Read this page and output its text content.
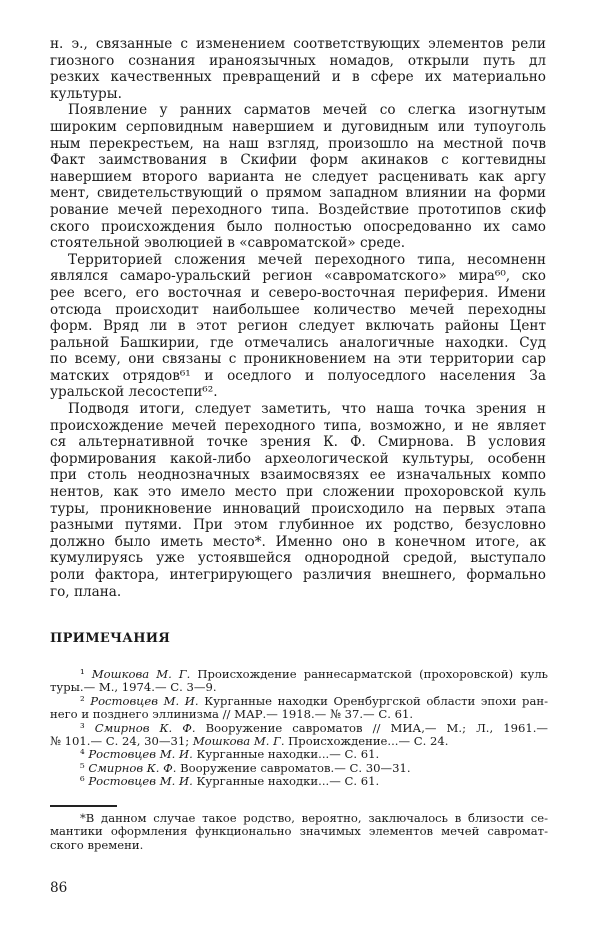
н. э., связанные с изменением соответствующих элементов рели
гиозного сознания ираноязычных номадов, открыли путь дл
резких качественных превращений и в сфере их материально
культуры.
Появление у ранних сарматов мечей со слегка изогнутым
широким серповидным навершием и дуговидным или тупоуголь
ным перекрестьем, на наш взгляд, произошло на местной почв
Факт заимствования в Скифии форм акинаков с когтевидны
навершием второго варианта не следует расценивать как аргу
мент, свидетельствующий о прямом западном влиянии на форми
рование мечей переходного типа. Воздействие прототипов скиф
ского происхождения было полностью опосредованно их само
стоятельной эволюцией в «савроматской» среде.
Территорией сложения мечей переходного типа, несомненн
являлся самаро-уральский регион «савроматского» мира⁶⁰, ско
рее всего, его восточная и северо-восточная периферия. Имени
отсюда происходит наибольшее количество мечей переходны
форм. Вряд ли в этот регион следует включать районы Цент
ральной Башкирии, где отмечались аналогичные находки. Суд
по всему, они связаны с проникновением на эти территории сар
матских отрядов⁶¹ и оседлого и полуоседлого населения За
уральской лесостепи⁶².
Подводя итоги, следует заметить, что наша точка зрения н
происхождение мечей переходного типа, возможно, и не являет
ся альтернативной точке зрения К. Ф. Смирнова. В условия
формирования какой-либо археологической культуры, особенн
при столь неоднозначных взаимосвязях ее изначальных компо
нентов, как это имело место при сложении прохоровской куль
туры, проникновение инноваций происходило на первых этапа
разными путями. При этом глубинное их родство, безусловно
должно было иметь место*. Именно оно в конечном итоге, ак
кумулируясь уже устоявшейся однородной средой, выступало
роли фактора, интегрирующего различия внешнего, формально
го, плана.
ПРИМЕЧАНИЯ
¹ Мошкова М. Г. Происхождение раннесарматской (прохоровской) куль
туры.— М., 1974.— С. 3—9.
² Ростовцев М. И. Курганные находки Оренбургской области эпохи ран-
него и позднего эллинизма // МАР.— 1918.— № 37.— С. 61.
³ Смирнов К. Ф. Вооружение савроматов // МИА,— М.; Л., 1961.—
№ 101.— С. 24, 30—31; Мошкова М. Г. Происхождение...— С. 24.
⁴ Ростовцев М. И. Курганные находки...— С. 61.
⁵ Смирнов К. Ф. Вооружение савроматов.— С. 30—31.
⁶ Ростовцев М. И. Курганные находки...— С. 61.
*В данном случае такое родство, вероятно, заключалось в близости се-
мантики оформления функционально значимых элементов мечей савромат-
ского времени.
86
